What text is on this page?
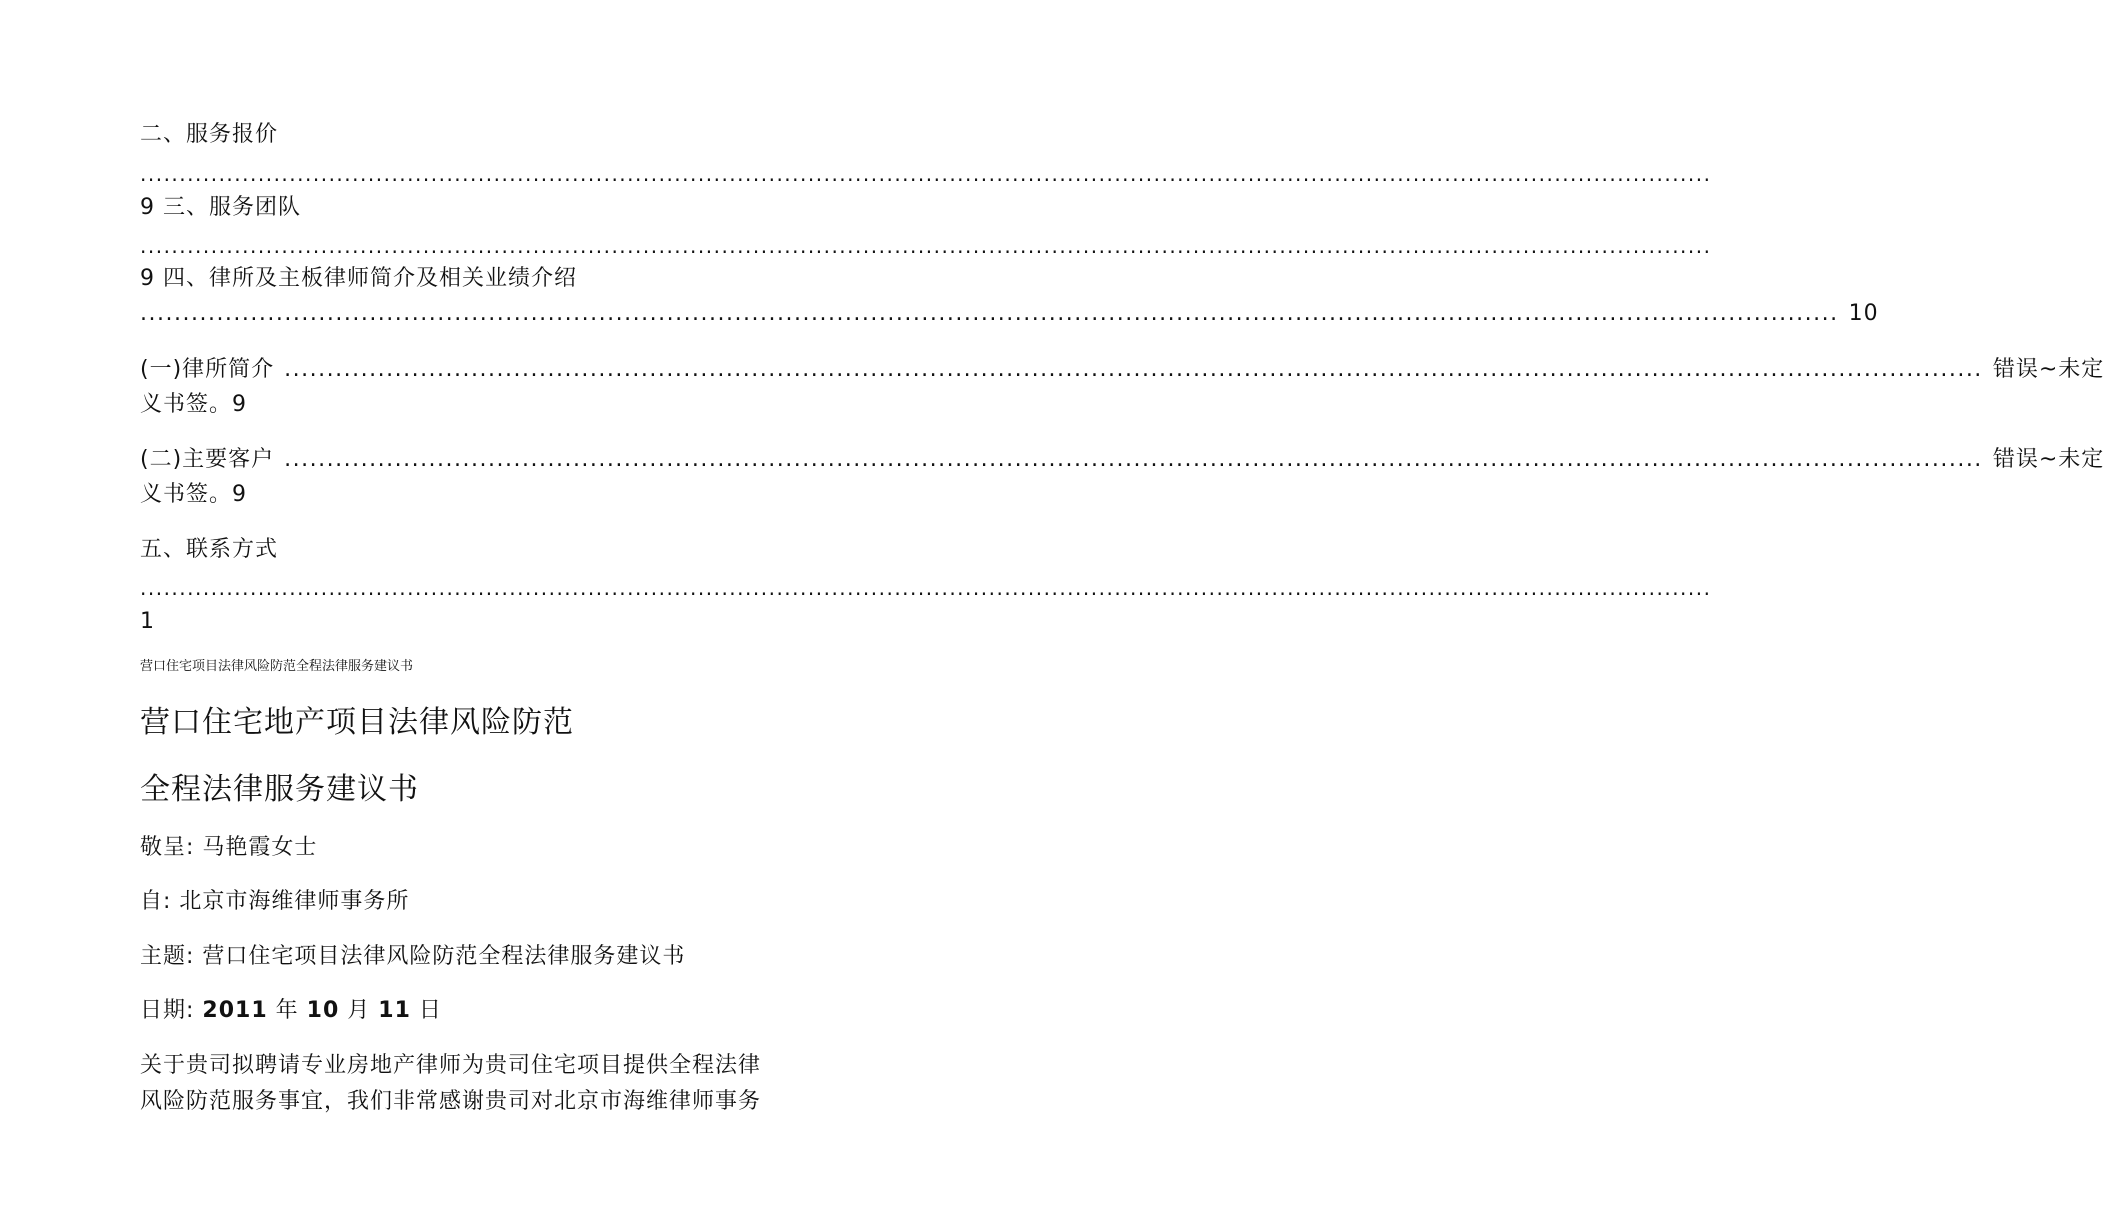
二、服务报价
........................................................................................................................................................................................................
9 三、服务团队
........................................................................................................................................................................................................
9 四、律所及主板律师简介及相关业绩介绍
........................................................................................................................................................................................................ 10
(一)律所简介 ........................................................................................................................................................................................................ 错误~未定
义书签。9
(二)主要客户 ........................................................................................................................................................................................................ 错误~未定
义书签。9
五、联系方式
........................................................................................................................................................................................................
1
营口住宅项目法律风险防范全程法律服务建议书
营口住宅地产项目法律风险防范
全程法律服务建议书
敬呈: 马艳霞女士
自: 北京市海维律师事务所
主题: 营口住宅项目法律风险防范全程法律服务建议书
日期: 2011 年 10 月 11 日
关于贵司拟聘请专业房地产律师为贵司住宅项目提供全程法律
风险防范服务事宜，我们非常感谢贵司对北京市海维律师事务
